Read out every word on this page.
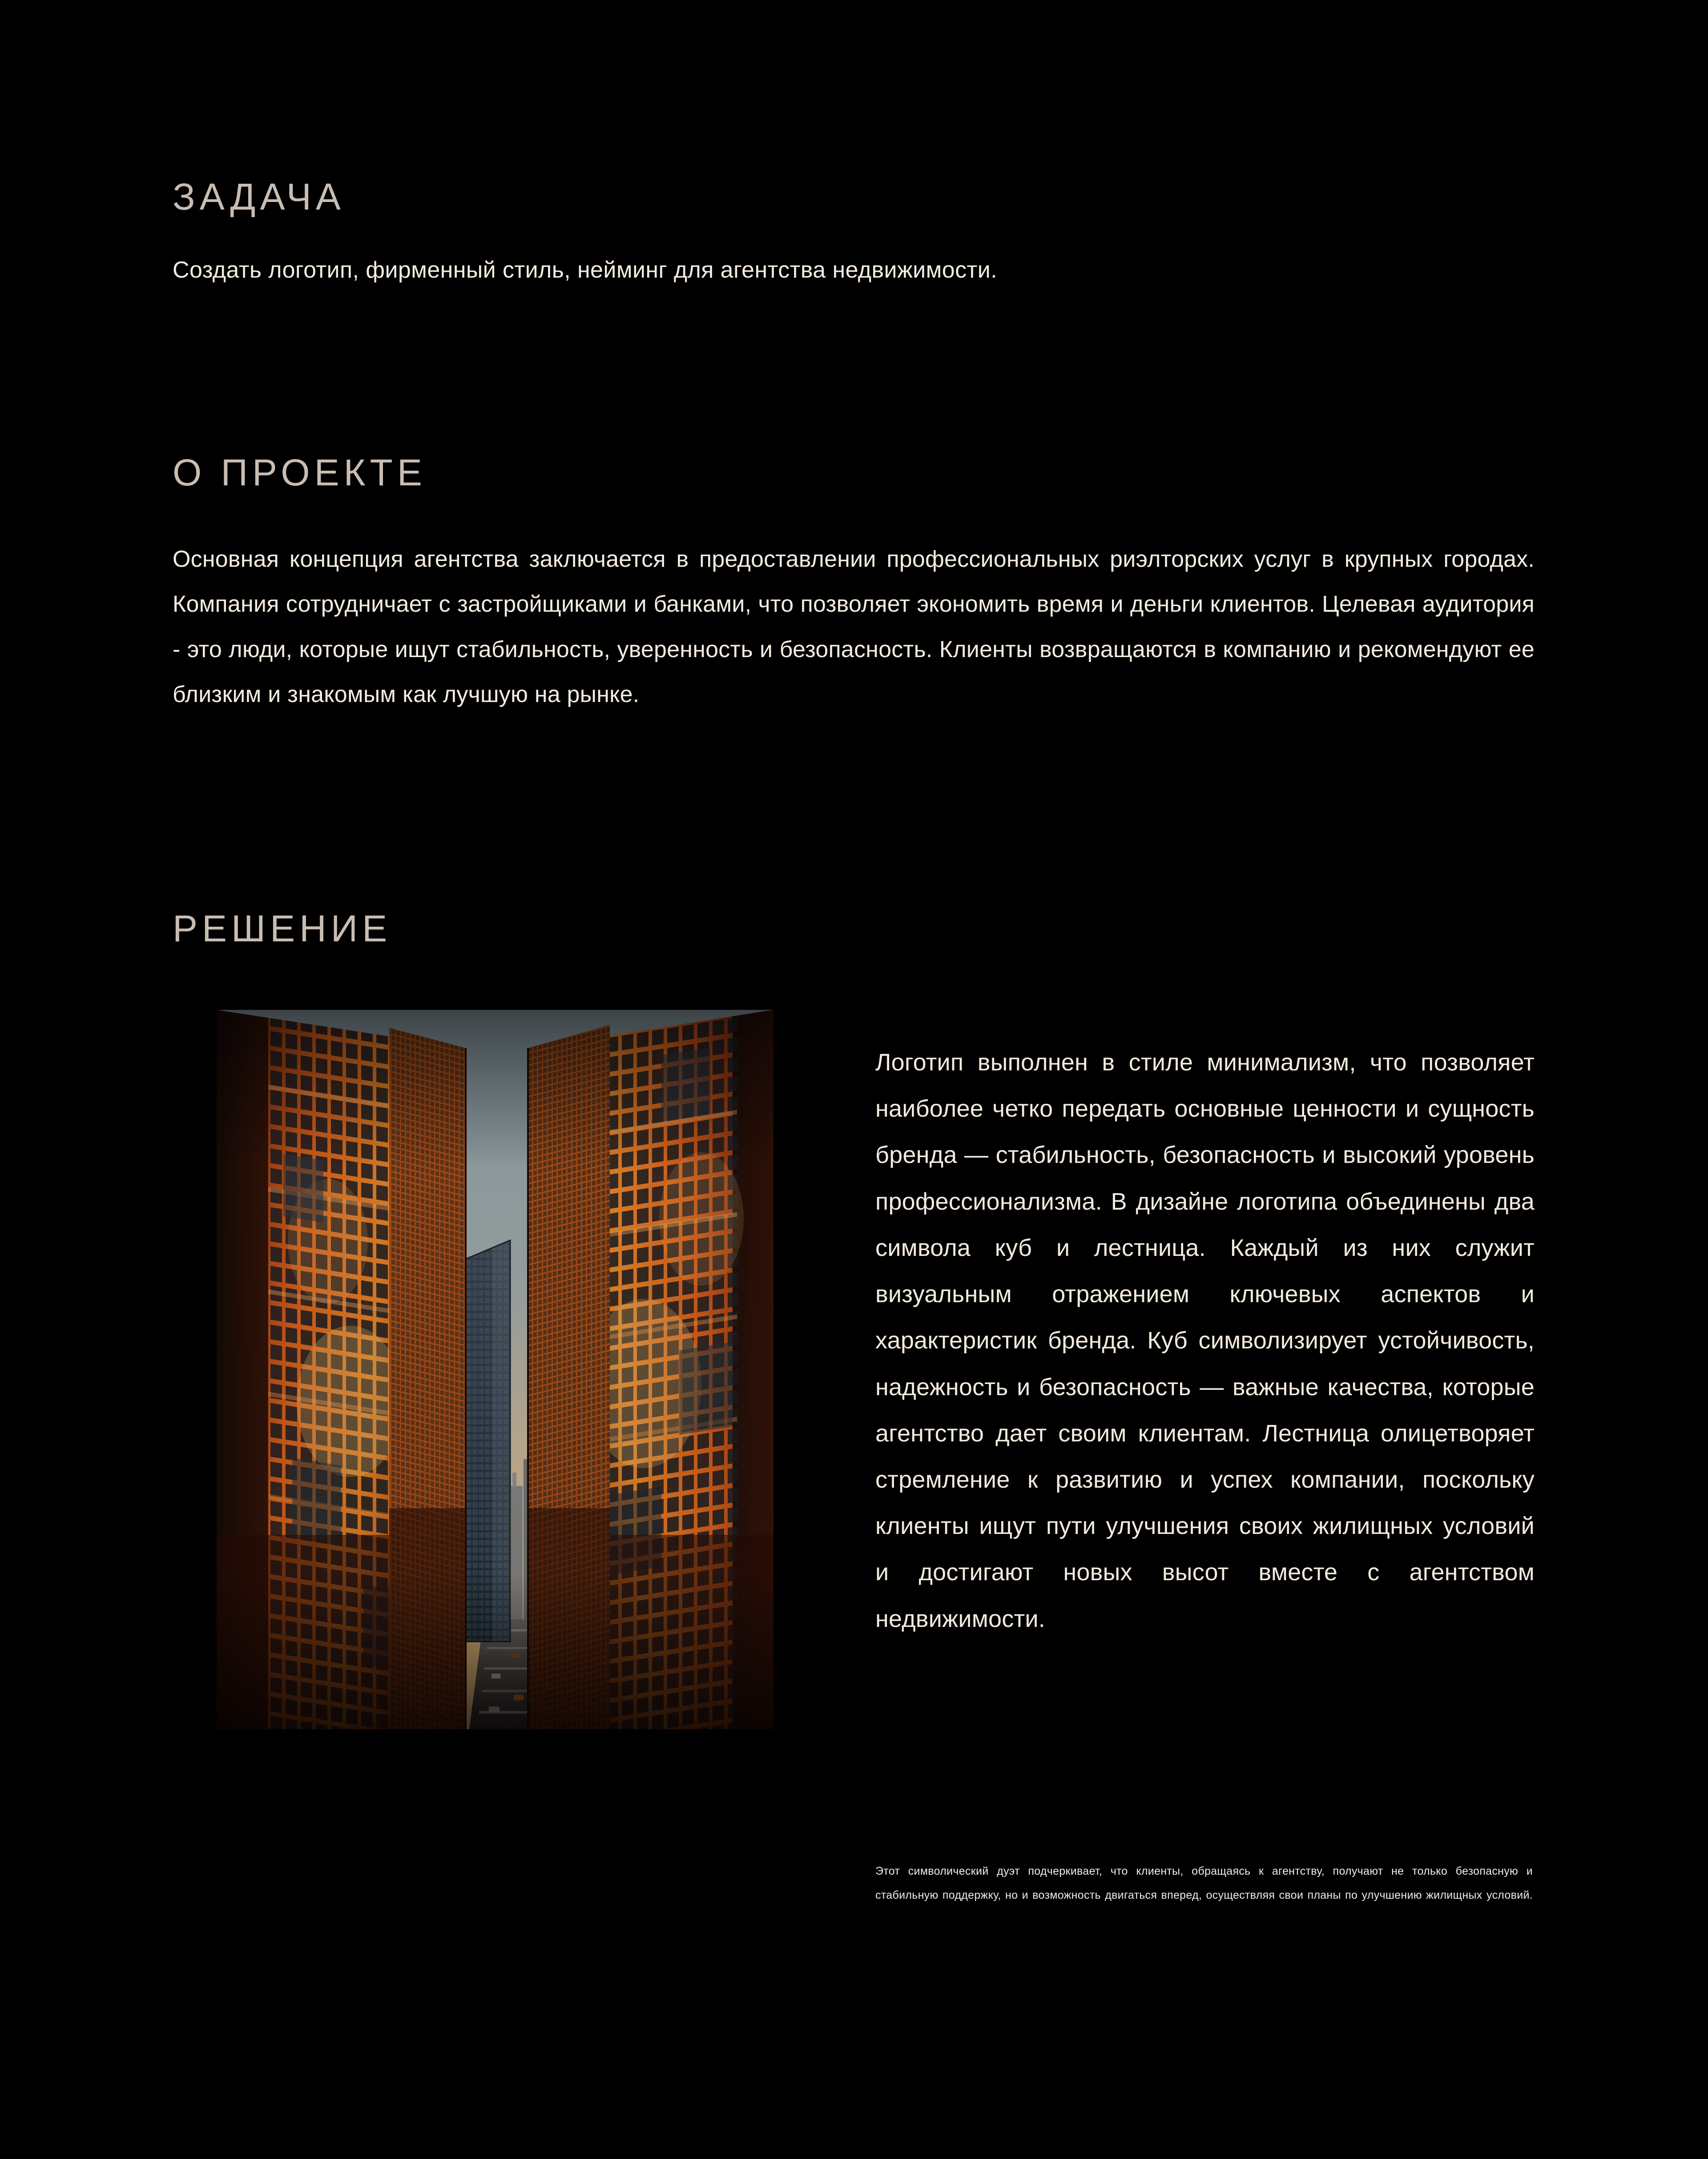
ЗАДАЧА

Создать логотип, фирменный стиль, нейминг для агентства недвижимости.

О ПРОЕКТЕ

Основная концепция агентства заключается в предоставлении профессиональных риэлторских услуг в крупных городах. Компания сотрудничает с застройщиками и банками, что позволяет экономить время и деньги клиентов. Целевая аудитория - это люди, которые ищут стабильность, уверенность и безопасность. Клиенты возвращаются в компанию и рекомендуют ее близким и знакомым как лучшую на рынке.

РЕШЕНИЕ

Логотип выполнен в стиле минимализм, что позволяет наиболее четко передать основные ценности и сущность бренда — стабильность, безопасность и высокий уровень профессионализма. В дизайне логотипа объединены два символа куб и лестница. Каждый из них служит визуальным отражением ключевых аспектов и характеристик бренда. Куб символизирует устойчивость, надежность и безопасность — важные качества, которые агентство дает своим клиентам. Лестница олицетворяет стремление к развитию и успех компании, поскольку клиенты ищут пути улучшения своих жилищных условий и достигают новых высот вместе с агентством недвижимости.

Этот символический дуэт подчеркивает, что клиенты, обращаясь к агентству, получают не только безопасную и стабильную поддержку, но и возможность двигаться вперед, осуществляя свои планы по улучшению жилищных условий.
